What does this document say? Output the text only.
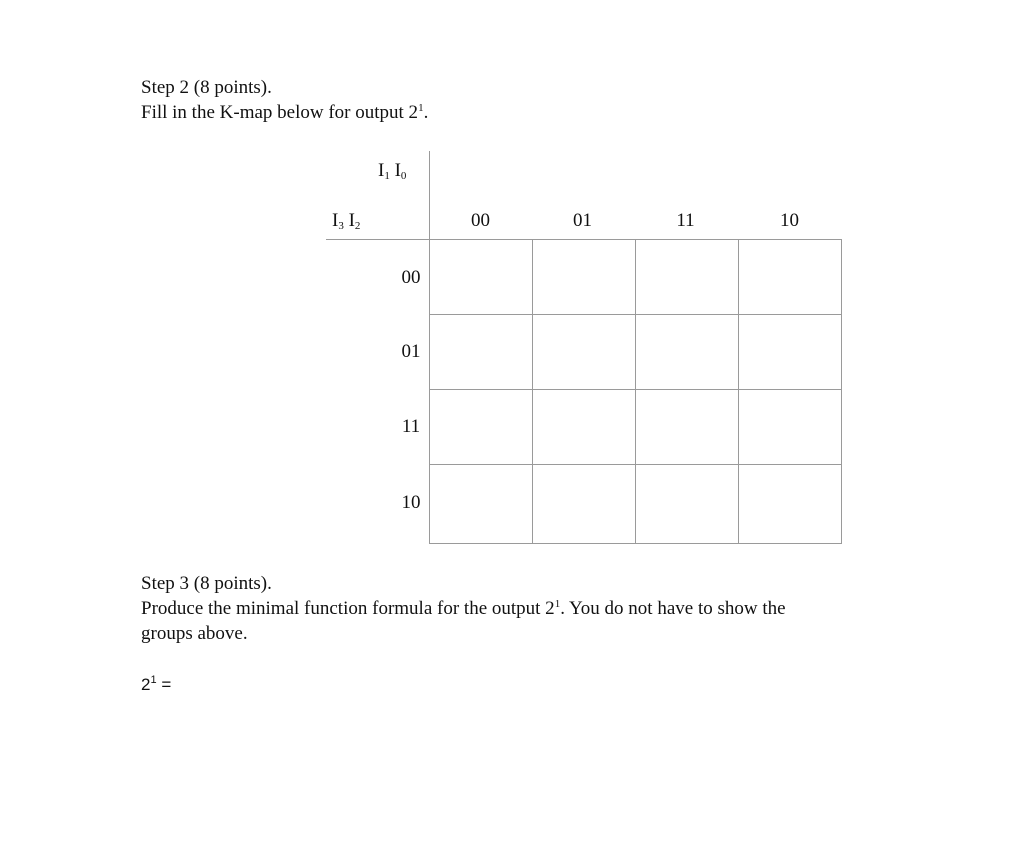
Step 2 (8 points).
Fill in the K-map below for output $2^1$.
$I_1$ $I_0$
$I_3$ $I_2$	00	01	11	10
00
01
11
10

Step 3 (8 points).
Produce the minimal function formula for the output $2^1$. You do not have to show the
groups above.
$2^1$ =
